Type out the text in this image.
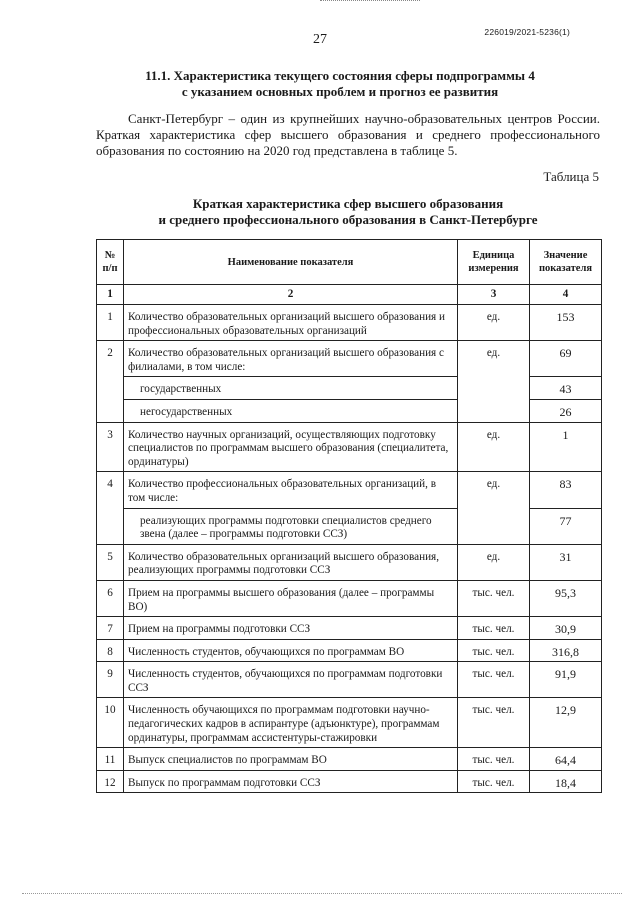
27	226019/2021-5236(1)
11.1. Характеристика текущего состояния сферы подпрограммы 4
с указанием основных проблем и прогноз ее развития

Санкт-Петербург – один из крупнейших научно-образовательных центров России. Краткая характеристика сфер высшего образования и среднего профессионального образования по состоянию на 2020 год представлена в таблице 5.

Таблица 5
Краткая характеристика сфер высшего образования
и среднего профессионального образования в Санкт-Петербурге
№ п/п	Наименование показателя	Единица измерения	Значение показателя
1	2	3	4
1	Количество образовательных организаций высшего образования и профессиональных образовательных организаций	ед.	153
2	Количество образовательных организаций высшего образования с филиалами, в том числе:	ед.	69
	государственных		43
	негосударственных		26
3	Количество научных организаций, осуществляющих подготовку специалистов по программам высшего образования (специалитета, ординатуры)	ед.	1
4	Количество профессиональных образовательных организаций, в том числе:	ед.	83
	реализующих программы подготовки специалистов среднего звена (далее – программы подготовки ССЗ)		77
5	Количество образовательных организаций высшего образования, реализующих программы подготовки ССЗ	ед.	31
6	Прием на программы высшего образования (далее – программы ВО)	тыс. чел.	95,3
7	Прием на программы подготовки ССЗ	тыс. чел.	30,9
8	Численность студентов, обучающихся по программам ВО	тыс. чел.	316,8
9	Численность студентов, обучающихся по программам подготовки ССЗ	тыс. чел.	91,9
10	Численность обучающихся по программам подготовки научно-педагогических кадров в аспирантуре (адъюнктуре), программам ординатуры, программам ассистентуры-стажировки	тыс. чел.	12,9
11	Выпуск специалистов по программам ВО	тыс. чел.	64,4
12	Выпуск по программам подготовки ССЗ	тыс. чел.	18,4
